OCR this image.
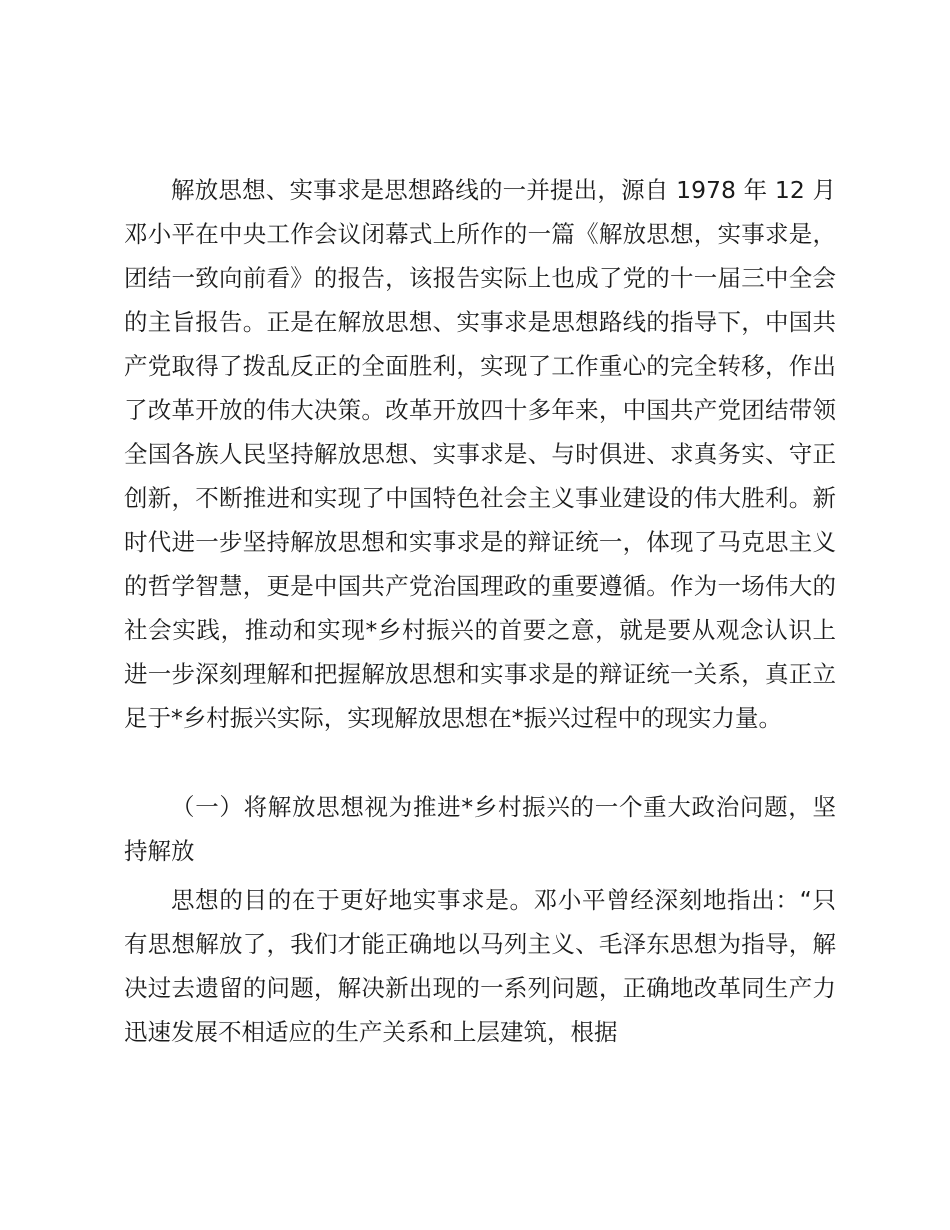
解放思想、实事求是思想路线的一并提出，源自 1978 年 12 月邓小平在中央工作会议闭幕式上所作的一篇《解放思想，实事求是，团结一致向前看》的报告，该报告实际上也成了党的十一届三中全会的主旨报告。正是在解放思想、实事求是思想路线的指导下，中国共产党取得了拨乱反正的全面胜利，实现了工作重心的完全转移，作出了改革开放的伟大决策。改革开放四十多年来，中国共产党团结带领全国各族人民坚持解放思想、实事求是、与时俱进、求真务实、守正创新，不断推进和实现了中国特色社会主义事业建设的伟大胜利。新时代进一步坚持解放思想和实事求是的辩证统一，体现了马克思主义的哲学智慧，更是中国共产党治国理政的重要遵循。作为一场伟大的社会实践，推动和实现*乡村振兴的首要之意，就是要从观念认识上进一步深刻理解和把握解放思想和实事求是的辩证统一关系，真正立足于*乡村振兴实际，实现解放思想在*振兴过程中的现实力量。

（一）将解放思想视为推进*乡村振兴的一个重大政治问题，坚持解放

思想的目的在于更好地实事求是。邓小平曾经深刻地指出：“只有思想解放了，我们才能正确地以马列主义、毛泽东思想为指导，解决过去遗留的问题，解决新出现的一系列问题，正确地改革同生产力迅速发展不相适应的生产关系和上层建筑，根据
